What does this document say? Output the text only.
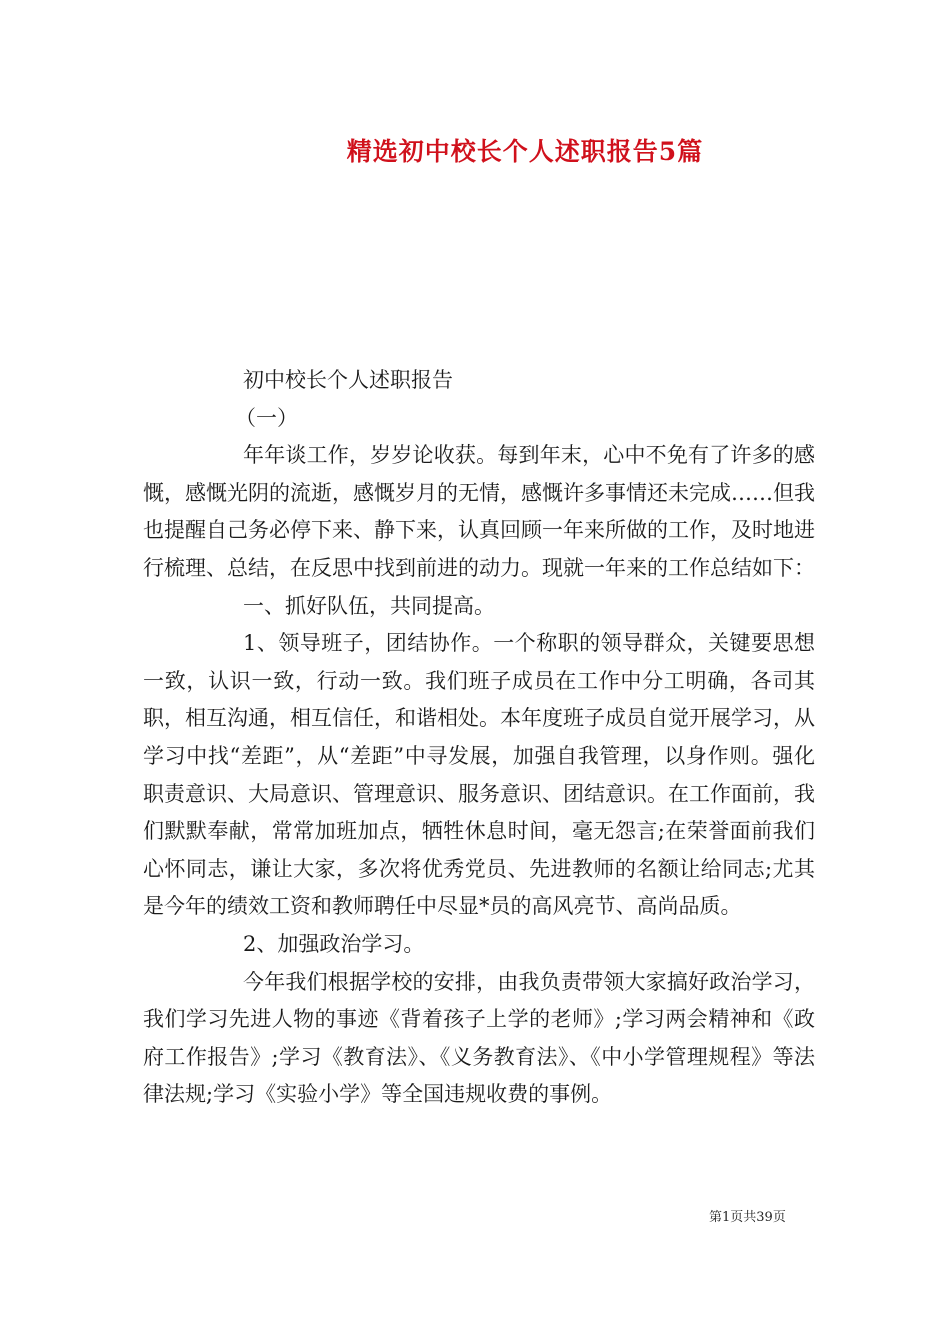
精选初中校长个人述职报告5篇

初中校长个人述职报告

（一）

年年谈工作，岁岁论收获。每到年末，心中不免有了许多的感慨，感慨光阴的流逝，感慨岁月的无情，感慨许多事情还未完成……但我也提醒自己务必停下来、静下来，认真回顾一年来所做的工作，及时地进行梳理、总结，在反思中找到前进的动力。现就一年来的工作总结如下：

一、抓好队伍，共同提高。

1、领导班子，团结协作。一个称职的领导群众，关键要思想一致，认识一致，行动一致。我们班子成员在工作中分工明确，各司其职，相互沟通，相互信任，和谐相处。本年度班子成员自觉开展学习，从学习中找“差距”，从“差距”中寻发展，加强自我管理，以身作则。强化职责意识、大局意识、管理意识、服务意识、团结意识。在工作面前，我们默默奉献，常常加班加点，牺牲休息时间，毫无怨言;在荣誉面前我们心怀同志，谦让大家，多次将优秀党员、先进教师的名额让给同志;尤其是今年的绩效工资和教师聘任中尽显*员的高风亮节、高尚品质。

2、加强政治学习。

今年我们根据学校的安排，由我负责带领大家搞好政治学习，我们学习先进人物的事迹《背着孩子上学的老师》;学习两会精神和《政府工作报告》;学习《教育法》、《义务教育法》、《中小学管理规程》等法律法规;学习《实验小学》等全国违规收费的事例。

第1页共39页
